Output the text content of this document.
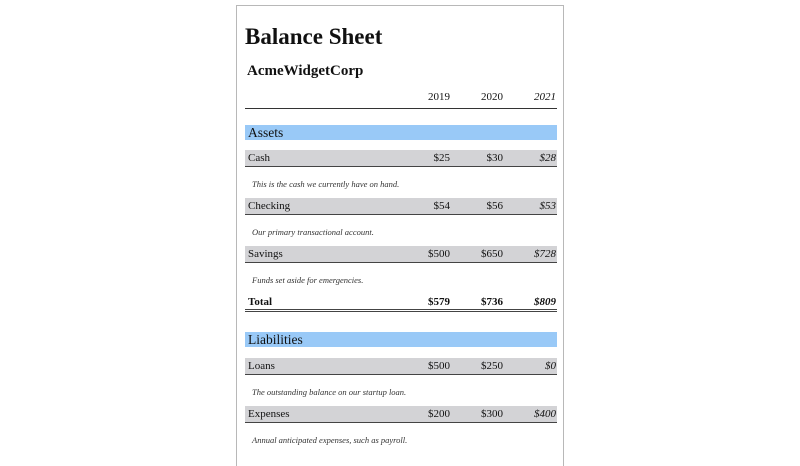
Balance Sheet
AcmeWidgetCorp
2019	2020	2021
Assets
Cash	$25	$30	$28
This is the cash we currently have on hand.
Checking	$54	$56	$53
Our primary transactional account.
Savings	$500	$650	$728
Funds set aside for emergencies.
Total	$579	$736	$809
Liabilities
Loans	$500	$250	$0
The outstanding balance on our startup loan.
Expenses	$200	$300	$400
Annual anticipated expenses, such as payroll.
